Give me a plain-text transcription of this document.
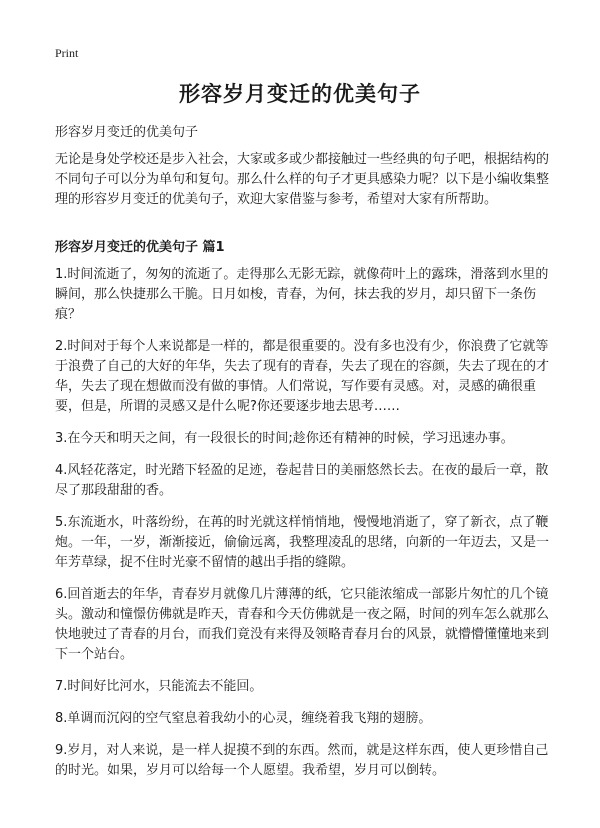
Print
形容岁月变迁的优美句子
形容岁月变迁的优美句子

无论是身处学校还是步入社会，大家或多或少都接触过一些经典的句子吧，根据结构的不同句子可以分为单句和复句。那么什么样的句子才更具感染力呢？以下是小编收集整理的形容岁月变迁的优美句子，欢迎大家借鉴与参考，希望对大家有所帮助。

形容岁月变迁的优美句子 篇1

1.时间流逝了，匆匆的流逝了。走得那么无影无踪，就像荷叶上的露珠，滑落到水里的瞬间，那么快捷那么干脆。日月如梭，青春，为何，抹去我的岁月，却只留下一条伤痕？

2.时间对于每个人来说都是一样的，都是很重要的。没有多也没有少，你浪费了它就等于浪费了自己的大好的年华，失去了现有的青春，失去了现在的容颜，失去了现在的才华，失去了现在想做而没有做的事情。人们常说，写作要有灵感。对，灵感的确很重要，但是，所谓的灵感又是什么呢?你还要逐步地去思考……

3.在今天和明天之间，有一段很长的时间;趁你还有精神的时候，学习迅速办事。

4.风轻花落定，时光踏下轻盈的足迹，卷起昔日的美丽悠然长去。在夜的最后一章，散尽了那段甜甜的香。

5.东流逝水，叶落纷纷，在苒的时光就这样悄悄地，慢慢地消逝了，穿了新衣，点了鞭炮。一年，一岁，渐渐接近，偷偷远离，我整理凌乱的思绪，向新的一年迈去，又是一年芳草绿，捉不住时光豪不留情的越出手指的缝隙。

6.回首逝去的年华，青春岁月就像几片薄薄的纸，它只能浓缩成一部影片匆忙的几个镜头。激动和憧憬仿佛就是昨天，青春和今天仿佛就是一夜之隔，时间的列车怎么就那么快地驶过了青春的月台，而我们竟没有来得及领略青春月台的风景，就懵懵懂懂地来到下一个站台。

7.时间好比河水，只能流去不能回。

8.单调而沉闷的空气窒息着我幼小的心灵，缠绕着我飞翔的翅膀。

9.岁月，对人来说，是一样人捉摸不到的东西。然而，就是这样东西，使人更珍惜自己的时光。如果，岁月可以给每一个人愿望。我希望，岁月可以倒转。
